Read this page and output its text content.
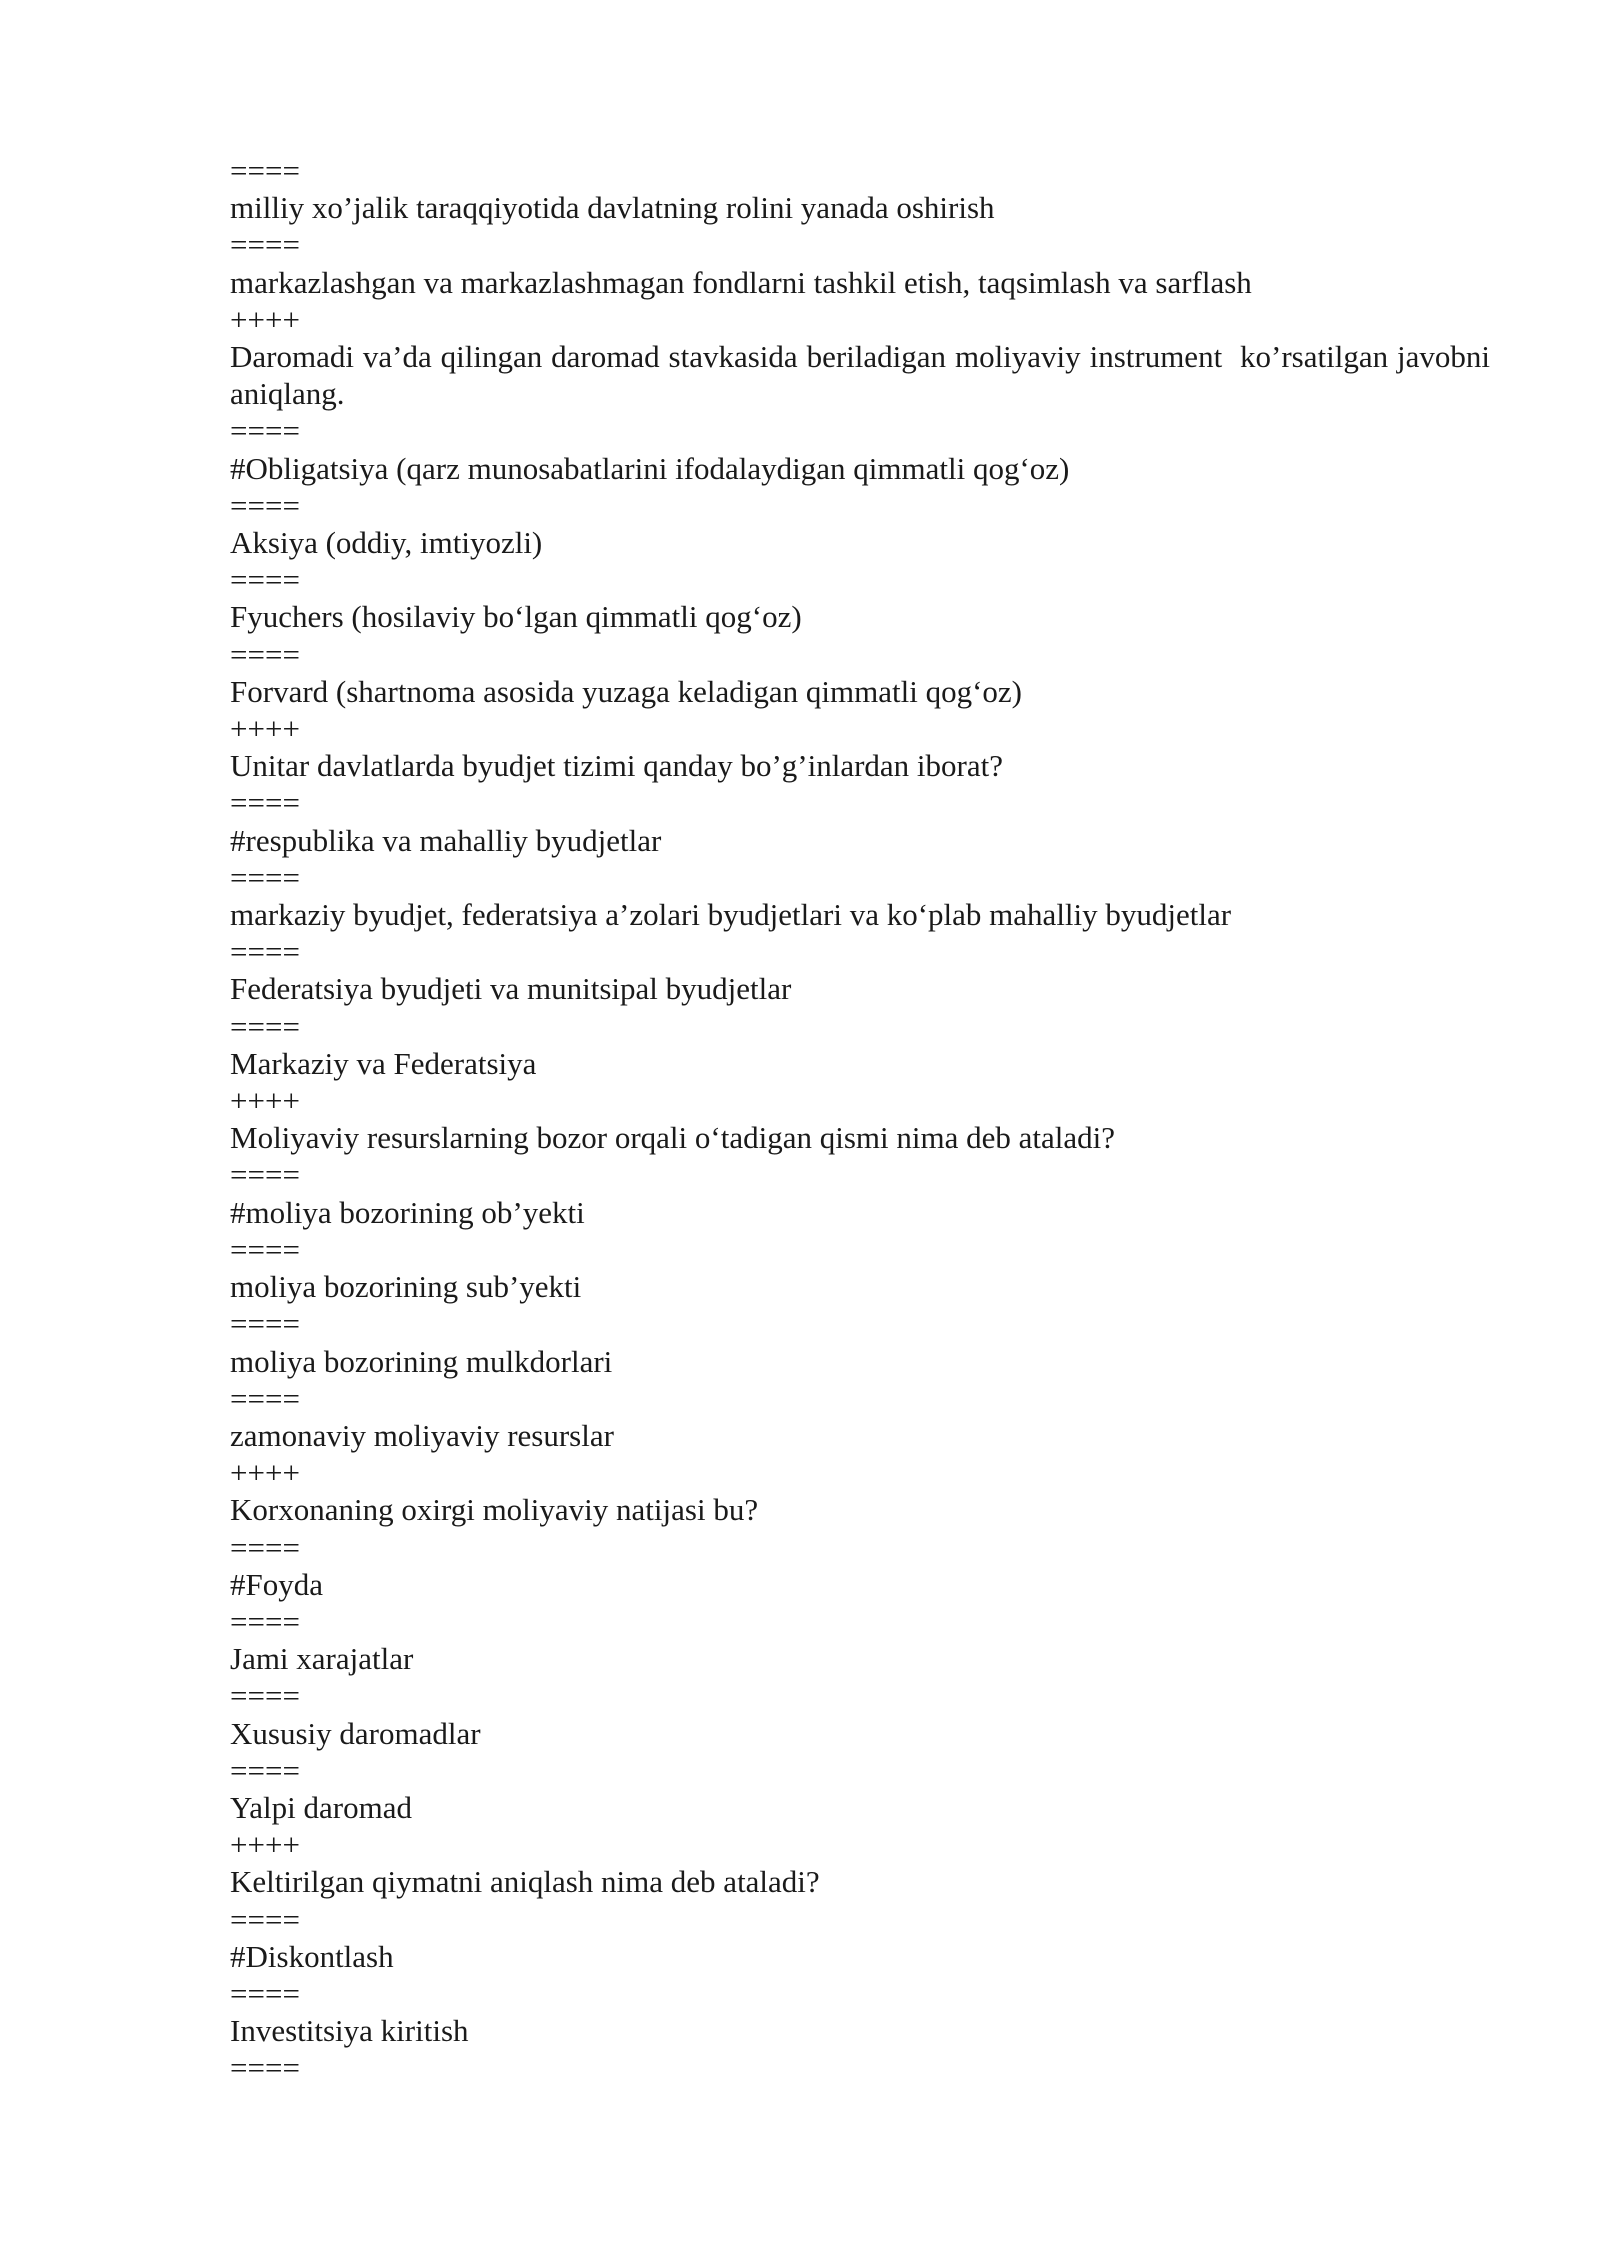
====
milliy xo’jalik taraqqiyotida davlatning rolini yanada oshirish
====
markazlashgan va markazlashmagan fondlarni tashkil etish, taqsimlash va sarflash
++++
Daromadi va’da qilingan daromad stavkasida beriladigan moliyaviy instrument  ko’rsatilgan javobni aniqlang.
====
#Obligatsiya (qarz munosabatlarini ifodalaydigan qimmatli qog‘oz)
====
Aksiya (oddiy, imtiyozli)
====
Fyuchers (hosilaviy bo‘lgan qimmatli qog‘oz)
====
Forvard (shartnoma asosida yuzaga keladigan qimmatli qog‘oz)
++++
Unitar davlatlarda byudjet tizimi qanday bo’g’inlardan iborat?
====
#respublika va mahalliy byudjetlar
====
markaziy byudjet, federatsiya a’zolari byudjetlari va ko‘plab mahalliy byudjetlar
====
Federatsiya byudjeti va munitsipal byudjetlar
====
Markaziy va Federatsiya
++++
Moliyaviy resurslarning bozor orqali o‘tadigan qismi nima deb ataladi?
====
#moliya bozorining ob’yekti
====
moliya bozorining sub’yekti
====
moliya bozorining mulkdorlari
====
zamonaviy moliyaviy resurslar
++++
Korxonaning oxirgi moliyaviy natijasi bu?
====
#Foyda
====
Jami xarajatlar
====
Xususiy daromadlar
====
Yalpi daromad
++++
Keltirilgan qiymatni aniqlash nima deb ataladi?
====
#Diskontlash
====
Investitsiya kiritish
====
